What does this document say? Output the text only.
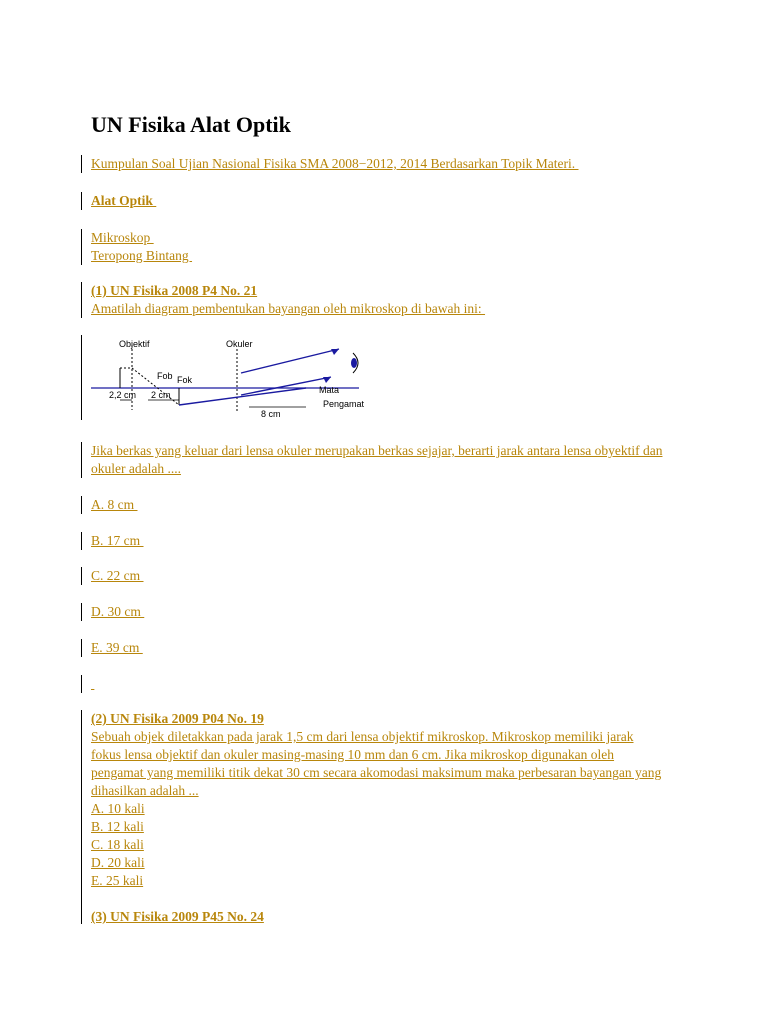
UN Fisika Alat Optik
Kumpulan Soal Ujian Nasional Fisika SMA 2008−2012, 2014 Berdasarkan Topik Materi.
Alat Optik
Mikroskop
Teropong Bintang
(1) UN Fisika 2008 P4 No. 21
Amatilah diagram pembentukan bayangan oleh mikroskop di bawah ini:
Objektif	Okuler
Fob Fok
2,2 cm 2 cm
8 cm
Mata
Pengamat
Jika berkas yang keluar dari lensa okuler merupakan berkas sejajar, berarti jarak antara lensa obyektif dan okuler adalah ....
A. 8 cm
B. 17 cm
C. 22 cm
D. 30 cm
E. 39 cm

(2) UN Fisika 2009 P04 No. 19
Sebuah objek diletakkan pada jarak 1,5 cm dari lensa objektif mikroskop. Mikroskop memiliki jarak fokus lensa objektif dan okuler masing-masing 10 mm dan 6 cm. Jika mikroskop digunakan oleh pengamat yang memiliki titik dekat 30 cm secara akomodasi maksimum maka perbesaran bayangan yang dihasilkan adalah ...
A. 10 kali
B. 12 kali
C. 18 kali
D. 20 kali
E. 25 kali
(3) UN Fisika 2009 P45 No. 24
